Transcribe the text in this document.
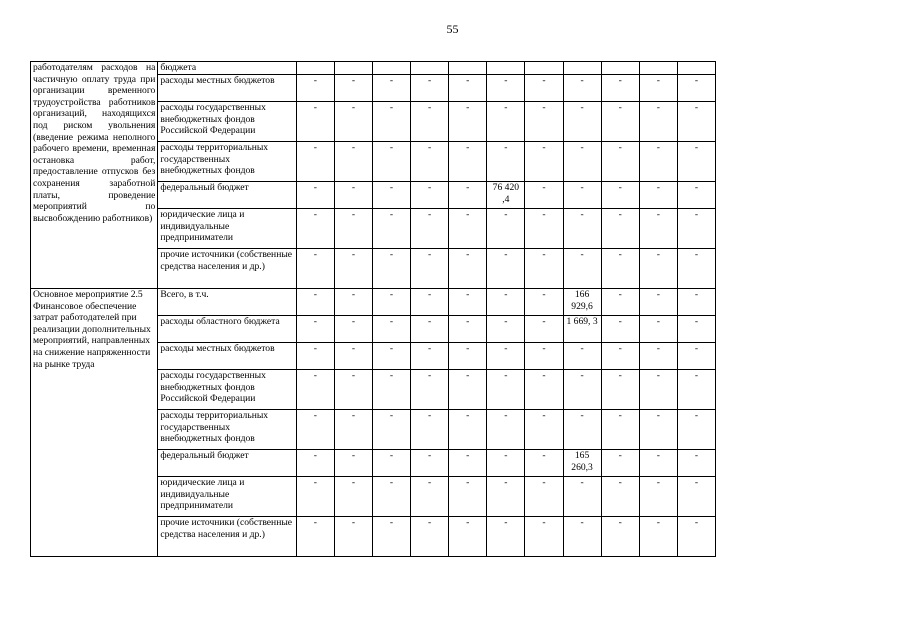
55
работодателям расходов на частичную оплату труда при организации временного трудоустройства работников организаций, находящихся под риском увольнения (введение режима неполного рабочего времени, временная остановка работ, предоставление отпусков без сохранения заработной платы, проведение мероприятий по высвобождению работников)	бюджета											
	расходы местных бюджетов	-	-	-	-	-	-	-	-	-	-	-
	расходы государственных внебюджетных фондов Российской Федерации	-	-	-	-	-	-	-	-	-	-	-
	расходы территориальных государственных внебюджетных фондов	-	-	-	-	-	-	-	-	-	-	-
	федеральный бюджет	-	-	-	-	-	76 420 ,4	-	-	-	-	-
	юридические лица и индивидуальные предприниматели	-	-	-	-	-	-	-	-	-	-	-
	прочие источники (собственные средства населения и др.)	-	-	-	-	-	-	-	-	-	-	-

Основное мероприятие 2.5
Финансовое обеспечение затрат работодателей при реализации дополнительных мероприятий, направленных на снижение напряженности на рынке труда	Всего, в т.ч.	-	-	-	-	-	-	-	166 929,6	-	-	-
	расходы областного бюджета	-	-	-	-	-	-	-	1 669, 3	-	-	-
	расходы местных бюджетов	-	-	-	-	-	-	-	-	-	-	-
	расходы государственных внебюджетных фондов Российской Федерации	-	-	-	-	-	-	-	-	-	-	-
	расходы территориальных государственных внебюджетных фондов	-	-	-	-	-	-	-	-	-	-	-
	федеральный бюджет	-	-	-	-	-	-	-	165 260,3	-	-	-
	юридические лица и индивидуальные предприниматели	-	-	-	-	-	-	-	-	-	-	-
	прочие источники (собственные средства населения и др.)	-	-	-	-	-	-	-	-	-	-	-
